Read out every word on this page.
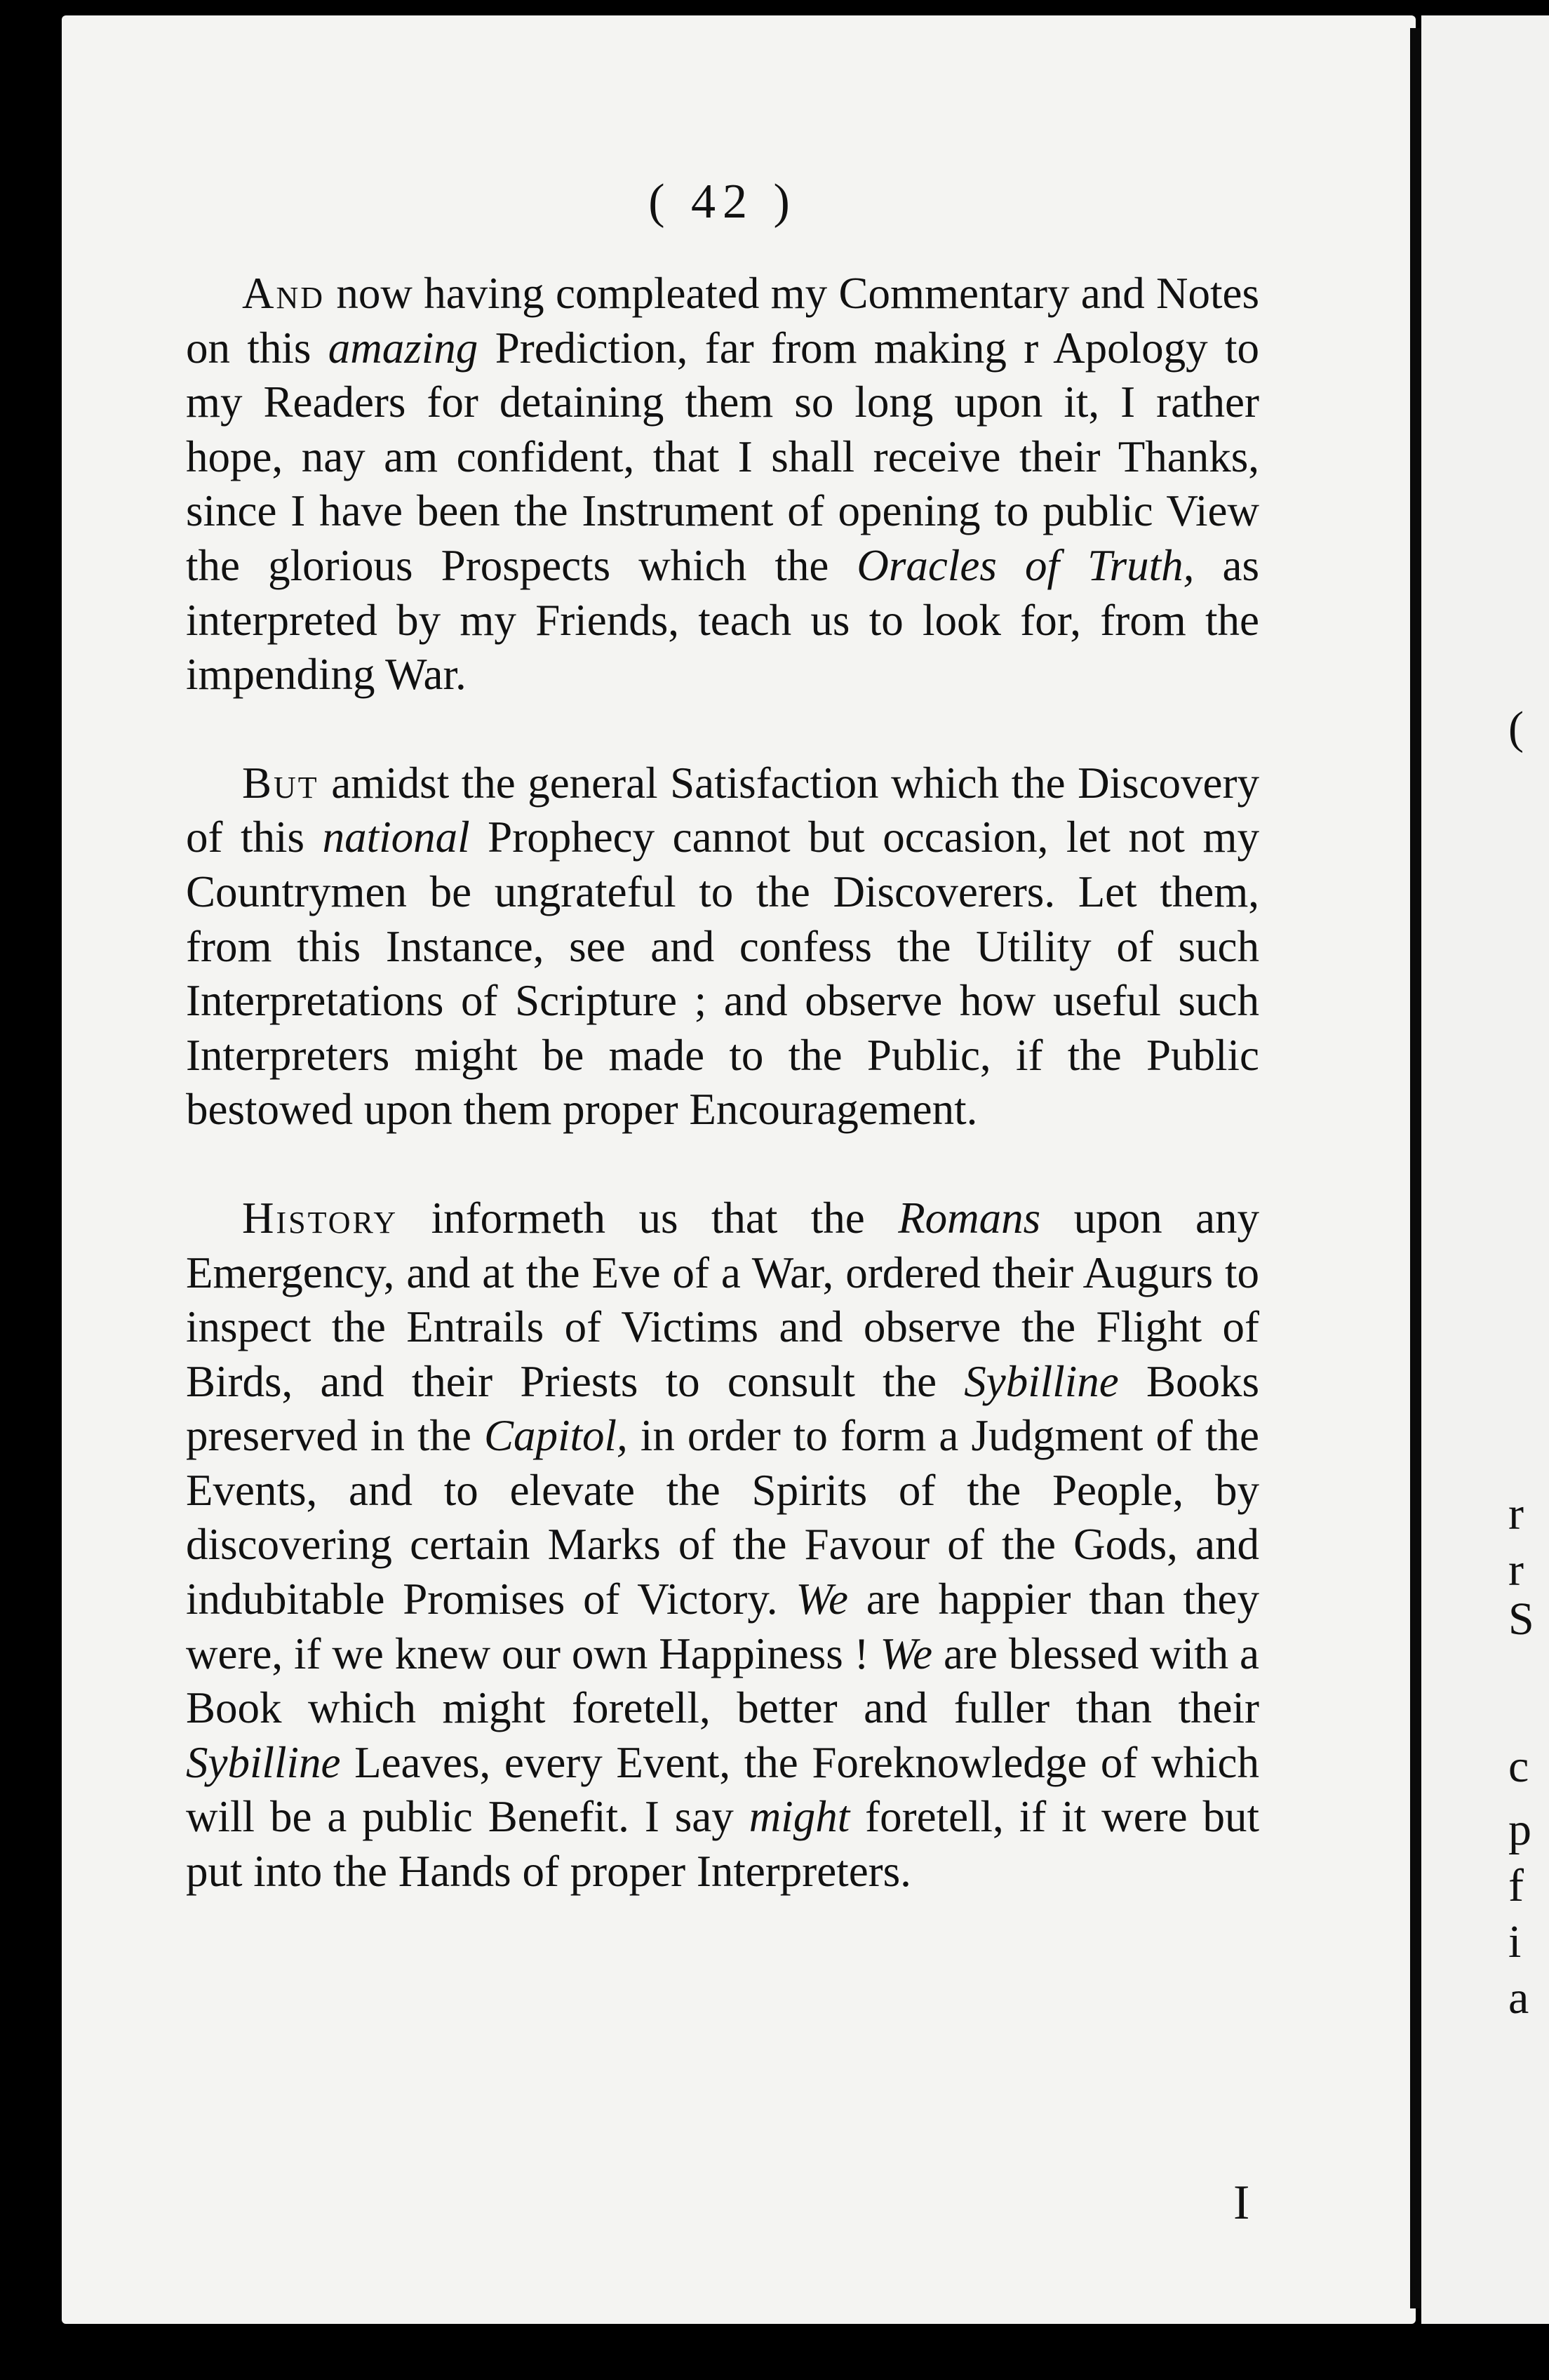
(
r
r
S
c
p
f
i
a
( 42 )

And now having compleated my Commentary and Notes on this amazing Prediction, far from making r Apology to my Readers for detaining them so long upon it, I rather hope, nay am confident, that I shall receive their Thanks, since I have been the Instrument of opening to public View the glorious Prospects which the Oracles of Truth, as interpreted by my Friends, teach us to look for, from the impending War.

But amidst the general Satisfaction which the Discovery of this national Prophecy cannot but occasion, let not my Countrymen be ungrateful to the Discoverers. Let them, from this Instance, see and confess the Utility of such Interpretations of Scripture ; and observe how useful such Interpreters might be made to the Public, if the Public bestowed upon them proper Encouragement.

History informeth us that the Romans upon any Emergency, and at the Eve of a War, ordered their Augurs to inspect the Entrails of Victims and observe the Flight of Birds, and their Priests to consult the Sybilline Books preserved in the Capitol, in order to form a Judgment of the Events, and to elevate the Spirits of the People, by discovering certain Marks of the Favour of the Gods, and indubitable Promises of Victory. We are happier than they were, if we knew our own Happiness ! We are blessed with a Book which might foretell, better and fuller than their Sybilline Leaves, every Event, the Foreknowledge of which will be a public Benefit. I say might foretell, if it were but put into the Hands of proper Interpreters.

I
